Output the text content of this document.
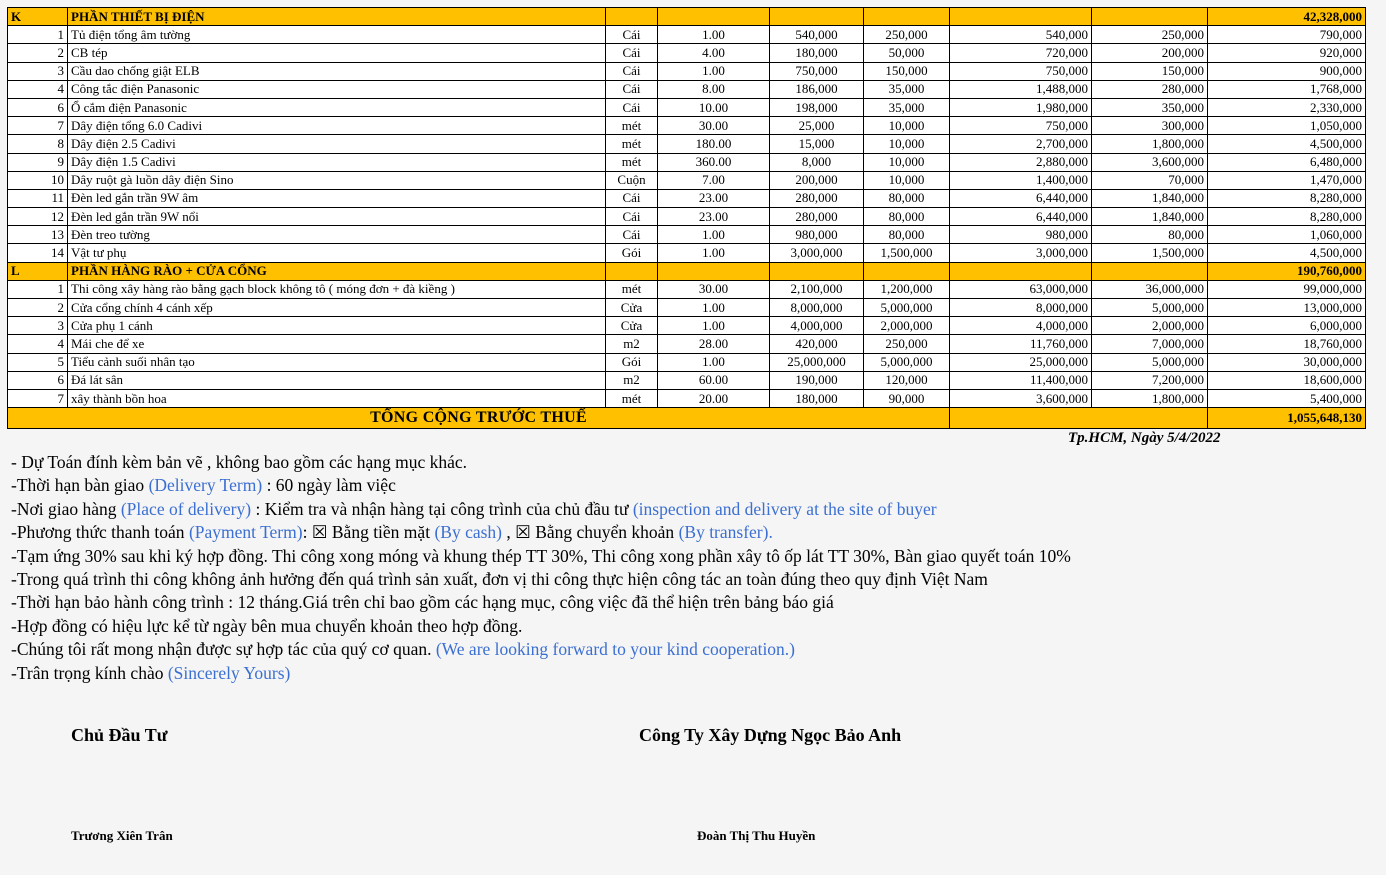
K	PHẦN THIẾT BỊ ĐIỆN							42,328,000
1	Tủ điện tổng âm tường	Cái	1.00	540,000	250,000	540,000	250,000	790,000
2	CB tép	Cái	4.00	180,000	50,000	720,000	200,000	920,000
3	Cầu dao chống giật ELB	Cái	1.00	750,000	150,000	750,000	150,000	900,000
4	Công tắc điện Panasonic	Cái	8.00	186,000	35,000	1,488,000	280,000	1,768,000
6	Ổ cắm điện Panasonic	Cái	10.00	198,000	35,000	1,980,000	350,000	2,330,000
7	Dây điện tổng 6.0 Cadivi	mét	30.00	25,000	10,000	750,000	300,000	1,050,000
8	Dây điện 2.5 Cadivi	mét	180.00	15,000	10,000	2,700,000	1,800,000	4,500,000
9	Dây điện 1.5 Cadivi	mét	360.00	8,000	10,000	2,880,000	3,600,000	6,480,000
10	Dây ruột gà luồn dây điện Sino	Cuộn	7.00	200,000	10,000	1,400,000	70,000	1,470,000
11	Đèn led gắn trần 9W âm	Cái	23.00	280,000	80,000	6,440,000	1,840,000	8,280,000
12	Đèn led gắn trần 9W nổi	Cái	23.00	280,000	80,000	6,440,000	1,840,000	8,280,000
13	Đèn treo tường	Cái	1.00	980,000	80,000	980,000	80,000	1,060,000
14	Vật tư phụ	Gói	1.00	3,000,000	1,500,000	3,000,000	1,500,000	4,500,000
L	PHẦN HÀNG RÀO + CỬA CỔNG							190,760,000
1	Thi công xây hàng rào bằng gạch block không tô ( móng đơn + đà kiềng )	mét	30.00	2,100,000	1,200,000	63,000,000	36,000,000	99,000,000
2	Cửa cổng chính 4 cánh xếp	Cửa	1.00	8,000,000	5,000,000	8,000,000	5,000,000	13,000,000
3	Cửa phụ 1 cánh	Cửa	1.00	4,000,000	2,000,000	4,000,000	2,000,000	6,000,000
4	Mái che để xe	m2	28.00	420,000	250,000	11,760,000	7,000,000	18,760,000
5	Tiểu cảnh suối nhân tạo	Gói	1.00	25,000,000	5,000,000	25,000,000	5,000,000	30,000,000
6	Đá lát sân	m2	60.00	190,000	120,000	11,400,000	7,200,000	18,600,000
7	xây thành bồn hoa	mét	20.00	180,000	90,000	3,600,000	1,800,000	5,400,000
TỔNG CỘNG TRƯỚC THUẾ								1,055,648,130
Tp.HCM, Ngày 5/4/2022
- Dự Toán đính kèm bản vẽ , không bao gồm các hạng mục khác.
-Thời hạn bàn giao (Delivery Term) : 60 ngày làm việc
-Nơi giao hàng (Place of delivery) : Kiểm tra và nhận hàng tại công trình của chủ đầu tư (inspection and delivery at the site of buyer
-Phương thức thanh toán (Payment Term): ☒ Bằng tiền mặt (By cash) , ☒ Bằng chuyển khoản (By transfer).
-Tạm ứng 30% sau khi ký hợp đồng. Thi công xong móng và khung thép TT 30%, Thi công xong phần xây tô ốp lát TT 30%, Bàn giao quyết toán 10%
-Trong quá trình thi công không ảnh hưởng đến quá trình sản xuất, đơn vị thi công thực hiện công tác an toàn đúng theo quy định Việt Nam
-Thời hạn bảo hành công trình : 12 tháng.Giá trên chỉ bao gồm các hạng mục, công việc đã thể hiện trên bảng báo giá
-Hợp đồng có hiệu lực kể từ ngày bên mua chuyển khoản theo hợp đồng.
-Chúng tôi rất mong nhận được sự hợp tác của quý cơ quan. (We are looking forward to your kind cooperation.)
-Trân trọng kính chào (Sincerely Yours)
Chủ Đầu Tư	Công Ty Xây Dựng Ngọc Bảo Anh
Trương Xiên Trân	Đoàn Thị Thu Huyền
